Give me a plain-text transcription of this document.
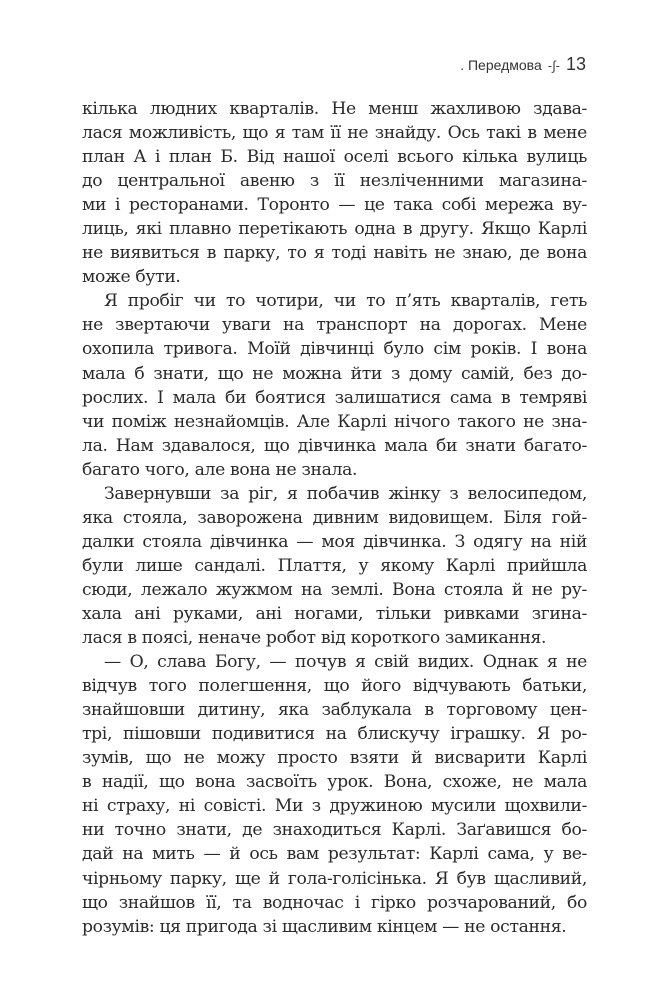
. Передмова -∫- 13
кілька людних кварталів. Не менш жахливою здава-
лася можливість, що я там її не знайду. Ось такі в мене
план А і план Б. Від нашої оселі всього кілька вулиць
до центральної авеню з її незліченними магазина-
ми і ресторанами. Торонто — це така собі мережа ву-
лиць, які плавно перетікають одна в другу. Якщо Карлі
не виявиться в парку, то я тоді навіть не знаю, де вона
може бути.
Я пробіг чи то чотири, чи то п’ять кварталів, геть
не звертаючи уваги на транспорт на дорогах. Мене
охопила тривога. Моїй дівчинці було сім років. І вона
мала б знати, що не можна йти з дому самій, без до-
рослих. І мала би боятися залишатися сама в темряві
чи поміж незнайомців. Але Карлі нічого такого не зна-
ла. Нам здавалося, що дівчинка мала би знати багато-
багато чого, але вона не знала.
Завернувши за ріг, я побачив жінку з велосипедом,
яка стояла, заворожена дивним видовищем. Біля гой-
далки стояла дівчинка — моя дівчинка. З одягу на ній
були лише сандалі. Плаття, у якому Карлі прийшла
сюди, лежало жужмом на землі. Вона стояла й не ру-
хала ані руками, ані ногами, тільки ривками згина-
лася в поясі, неначе робот від короткого замикання.
— О, слава Богу, — почув я свій видих. Однак я не
відчув того полегшення, що його відчувають батьки,
знайшовши дитину, яка заблукала в торговому цен-
трі, пішовши подивитися на блискучу іграшку. Я ро-
зумів, що не можу просто взяти й висварити Карлі
в надії, що вона засвоїть урок. Вона, схоже, не мала
ні страху, ні совісті. Ми з дружиною мусили щохвили-
ни точно знати, де знаходиться Карлі. Заґавишся бо-
дай на мить — й ось вам результат: Карлі сама, у ве-
чірньому парку, ще й гола-голісінька. Я був щасливий,
що знайшов її, та водночас і гірко розчарований, бо
розумів: ця пригода зі щасливим кінцем — не остання.
